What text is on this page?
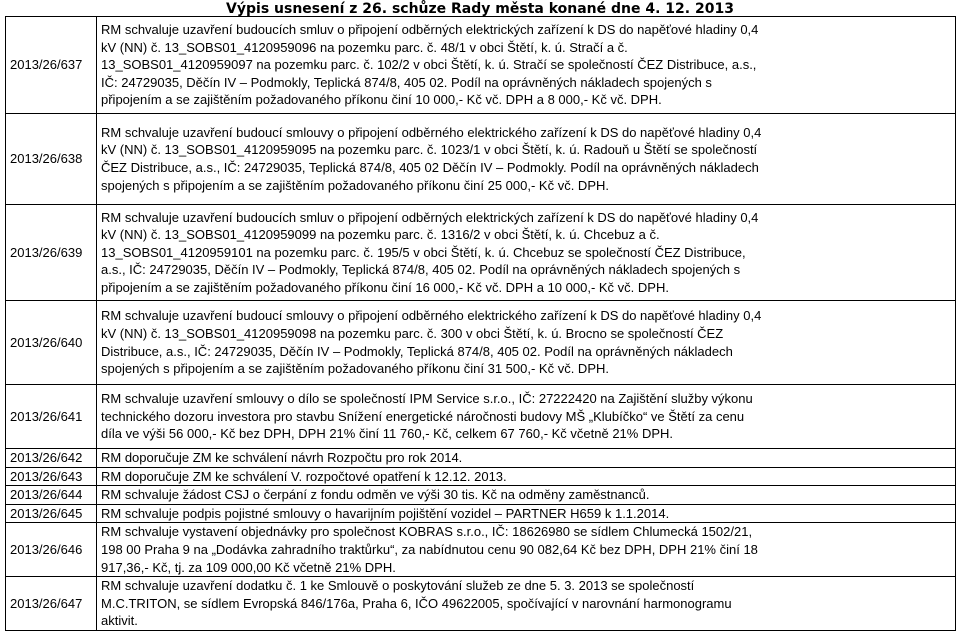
Výpis usnesení z 26. schůze Rady města konané dne 4. 12. 2013
2013/26/637	RM schvaluje uzavření budoucích smluv o připojení odběrných elektrických zařízení k DS do napěťové hladiny 0,4
kV (NN) č. 13_SOBS01_4120959096 na pozemku parc. č. 48/1 v obci Štětí, k. ú. Stračí a č.
13_SOBS01_4120959097 na pozemku parc. č. 102/2 v obci Štětí, k. ú. Stračí se společností ČEZ Distribuce, a.s.,
IČ: 24729035, Děčín IV – Podmokly, Teplická 874/8, 405 02. Podíl na oprávněných nákladech spojených s
připojením a se zajištěním požadovaného příkonu činí 10 000,- Kč vč. DPH a 8 000,- Kč vč. DPH.

2013/26/638	RM schvaluje uzavření budoucí smlouvy o připojení odběrného elektrického zařízení k DS do napěťové hladiny 0,4
kV (NN) č. 13_SOBS01_4120959095 na pozemku parc. č. 1023/1 v obci Štětí, k. ú. Radouň u Štětí se společností
ČEZ Distribuce, a.s., IČ: 24729035, Teplická 874/8, 405 02 Děčín IV – Podmokly. Podíl na oprávněných nákladech
spojených s připojením a se zajištěním požadovaného příkonu činí 25 000,- Kč vč. DPH.

2013/26/639	RM schvaluje uzavření budoucích smluv o připojení odběrných elektrických zařízení k DS do napěťové hladiny 0,4
kV (NN) č. 13_SOBS01_4120959099 na pozemku parc. č. 1316/2 v obci Štětí, k. ú. Chcebuz a č.
13_SOBS01_4120959101 na pozemku parc. č. 195/5 v obci Štětí, k. ú. Chcebuz se společností ČEZ Distribuce,
a.s., IČ: 24729035, Děčín IV – Podmokly, Teplická 874/8, 405 02. Podíl na oprávněných nákladech spojených s
připojením a se zajištěním požadovaného příkonu činí 16 000,- Kč vč. DPH a 10 000,- Kč vč. DPH.

2013/26/640	RM schvaluje uzavření budoucí smlouvy o připojení odběrného elektrického zařízení k DS do napěťové hladiny 0,4
kV (NN) č. 13_SOBS01_4120959098 na pozemku parc. č. 300 v obci Štětí, k. ú. Brocno se společností ČEZ
Distribuce, a.s., IČ: 24729035, Děčín IV – Podmokly, Teplická 874/8, 405 02. Podíl na oprávněných nákladech
spojených s připojením a se zajištěním požadovaného příkonu činí 31 500,- Kč vč. DPH.

2013/26/641	RM schvaluje uzavření smlouvy o dílo se společností IPM Service s.r.o., IČ: 27222420 na Zajištění služby výkonu
technického dozoru investora pro stavbu Snížení energetické náročnosti budovy MŠ „Klubíčko“ ve Štětí za cenu
díla ve výši 56 000,- Kč bez DPH, DPH 21% činí 11 760,- Kč, celkem 67 760,- Kč včetně 21% DPH.

2013/26/642	RM doporučuje ZM ke schválení návrh Rozpočtu pro rok 2014.

2013/26/643	RM doporučuje ZM ke schválení V. rozpočtové opatření k 12.12. 2013.

2013/26/644	RM schvaluje žádost CSJ o čerpání z fondu odměn ve výši 30 tis. Kč na odměny zaměstnanců.

2013/26/645	RM schvaluje podpis pojistné smlouvy o havarijním pojištění vozidel – PARTNER H659 k 1.1.2014.

2013/26/646	RM schvaluje vystavení objednávky pro společnost KOBRAS s.r.o., IČ: 18626980 se sídlem Chlumecká 1502/21,
198 00 Praha 9 na „Dodávka zahradního traktůrku“, za nabídnutou cenu 90 082,64 Kč bez DPH, DPH 21% činí 18
917,36,- Kč, tj. za 109 000,00 Kč včetně 21% DPH.

2013/26/647	RM schvaluje uzavření dodatku č. 1 ke Smlouvě o poskytování služeb ze dne 5. 3. 2013 se společností
M.C.TRITON, se sídlem Evropská 846/176a, Praha 6, IČO 49622005, spočívající v narovnání harmonogramu
aktivit.
